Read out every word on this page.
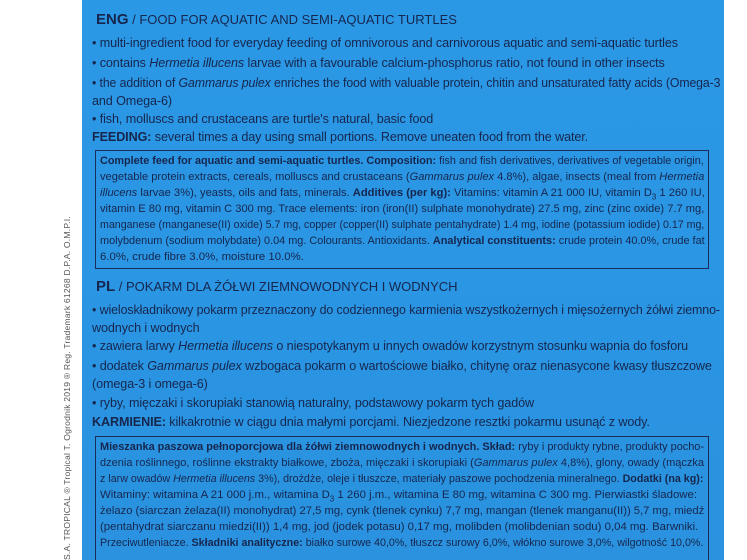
S.A. TROPICAL ® Tropical T. Ogrodnik 2019 ® Reg. Trademark 61268 D.P.A. O.M.P.I.
ENG / FOOD FOR AQUATIC AND SEMI-AQUATIC TURTLES
• multi-ingredient food for everyday feeding of omnivorous and carnivorous aquatic and semi-aquatic turtles
• contains Hermetia illucens larvae with a favourable calcium-phosphorus ratio, not found in other insects
• the addition of Gammarus pulex enriches the food with valuable protein, chitin and unsaturated fatty acids (Omega-3
and Omega-6)
• fish, molluscs and crustaceans are turtle's natural, basic food
FEEDING: several times a day using small portions. Remove uneaten food from the water.
Complete feed for aquatic and semi-aquatic turtles. Composition: fish and fish derivatives, derivatives of vegetable origin,
vegetable protein extracts, cereals, molluscs and crustaceans (Gammarus pulex 4.8%), algae, insects (meal from Hermetia
illucens larvae 3%), yeasts, oils and fats, minerals. Additives (per kg): Vitamins: vitamin A 21 000 IU, vitamin $D_3$ 1 260 IU,
vitamin E 80 mg, vitamin C 300 mg. Trace elements: iron (iron(II) sulphate monohydrate) 27.5 mg, zinc (zinc oxide) 7.7 mg,
manganese (manganese(II) oxide) 5.7 mg, copper (copper(II) sulphate pentahydrate) 1.4 mg, iodine (potassium iodide) 0.17 mg,
molybdenum (sodium molybdate) 0.04 mg. Colourants. Antioxidants. Analytical constituents: crude protein 40.0%, crude fat
6.0%, crude fibre 3.0%, moisture 10.0%.
PL / POKARM DLA ŻÓŁWI ZIEMNOWODNYCH I WODNYCH
• wieloskładnikowy pokarm przeznaczony do codziennego karmienia wszystkożernych i mięsożernych żółwi ziemno-
wodnych i wodnych
• zawiera larwy Hermetia illucens o niespotykanym u innych owadów korzystnym stosunku wapnia do fosforu
• dodatek Gammarus pulex wzbogaca pokarm o wartościowe białko, chitynę oraz nienasycone kwasy tłuszczowe
(omega-3 i omega-6)
• ryby, mięczaki i skorupiaki stanowią naturalny, podstawowy pokarm tych gadów
KARMIENIE: kilkakrotnie w ciągu dnia małymi porcjami. Niezjedzone resztki pokarmu usunąć z wody.
Mieszanka paszowa pełnoporcjowa dla żółwi ziemnowodnych i wodnych. Skład: ryby i produkty rybne, produkty pocho-
dzenia roślinnego, roślinne ekstrakty białkowe, zboża, mięczaki i skorupiaki (Gammarus pulex 4,8%), glony, owady (mączka
z larw owadów Hermetia illucens 3%), drożdże, oleje i tłuszcze, materiały paszowe pochodzenia mineralnego. Dodatki (na kg):
Witaminy: witamina A 21 000 j.m., witamina $D_3$ 1 260 j.m., witamina E 80 mg, witamina C 300 mg. Pierwiastki śladowe:
żelazo (siarczan żelaza(II) monohydrat) 27,5 mg, cynk (tlenek cynku) 7,7 mg, mangan (tlenek manganu(II)) 5,7 mg, miedź
(pentahydrat siarczanu miedzi(II)) 1,4 mg, jod (jodek potasu) 0,17 mg, molibden (molibdenian sodu) 0,04 mg. Barwniki.
Przeciwutleniacze. Składniki analityczne: białko surowe 40,0%, tłuszcz surowy 6,0%, włókno surowe 3,0%, wilgotność 10,0%.
